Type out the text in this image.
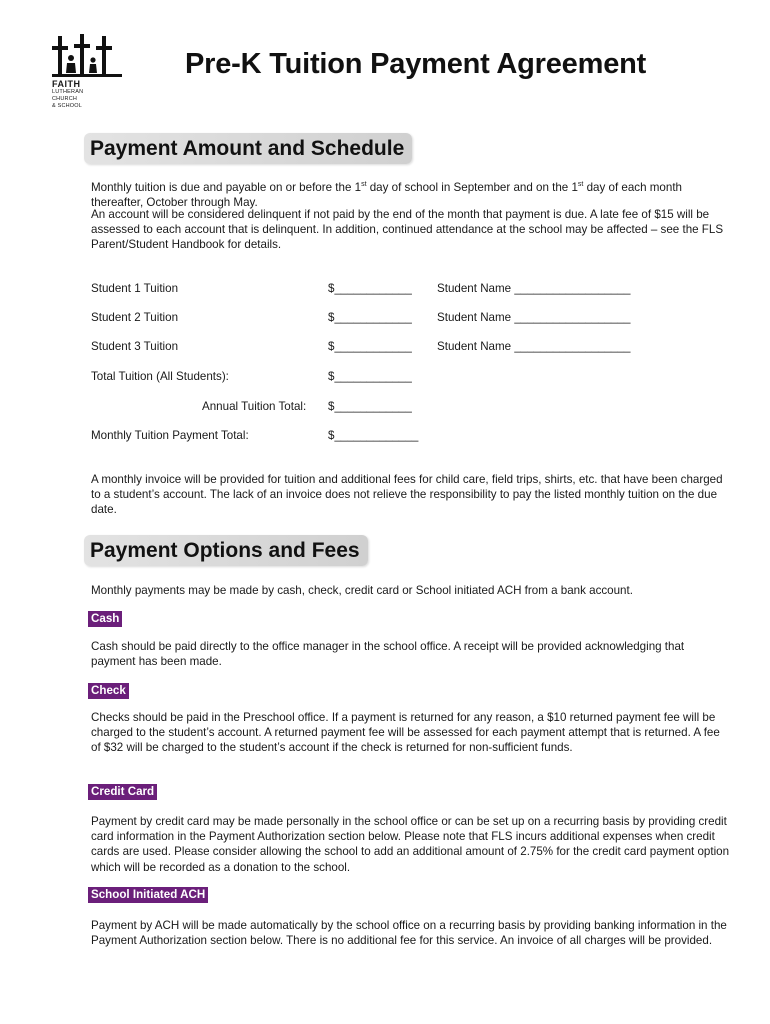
FAITH
LUTHERAN
CHURCH
& SCHOOL
Pre-K Tuition Payment Agreement
Payment Amount and Schedule
Monthly tuition is due and payable on or before the 1st day of school in September and on the 1st day of each month thereafter, October through May.
An account will be considered delinquent if not paid by the end of the month that payment is due. A late fee of $15 will be assessed to each account that is delinquent. In addition, continued attendance at the school may be affected – see the FLS Parent/Student Handbook for details.
Student 1 Tuition	$____________ Student Name __________________
Student 2 Tuition	$____________ Student Name __________________
Student 3 Tuition	$____________ Student Name __________________
Total Tuition (All Students):	$____________
Annual Tuition Total: $____________
Monthly Tuition Payment Total:	$_____________
A monthly invoice will be provided for tuition and additional fees for child care, field trips, shirts, etc. that have been charged to a student’s account. The lack of an invoice does not relieve the responsibility to pay the listed monthly tuition on the due date.
Payment Options and Fees
Monthly payments may be made by cash, check, credit card or School initiated ACH from a bank account.
Cash
Cash should be paid directly to the office manager in the school office. A receipt will be provided acknowledging that payment has been made.
Check
Checks should be paid in the Preschool office. If a payment is returned for any reason, a $10 returned payment fee will be charged to the student’s account. A returned payment fee will be assessed for each payment attempt that is returned. A fee of $32 will be charged to the student’s account if the check is returned for non-sufficient funds.
Credit Card
Payment by credit card may be made personally in the school office or can be set up on a recurring basis by providing credit card information in the Payment Authorization section below. Please note that FLS incurs additional expenses when credit cards are used. Please consider allowing the school to add an additional amount of 2.75% for the credit card payment option which will be recorded as a donation to the school.
School Initiated ACH
Payment by ACH will be made automatically by the school office on a recurring basis by providing banking information in the Payment Authorization section below. There is no additional fee for this service. An invoice of all charges will be provided.
